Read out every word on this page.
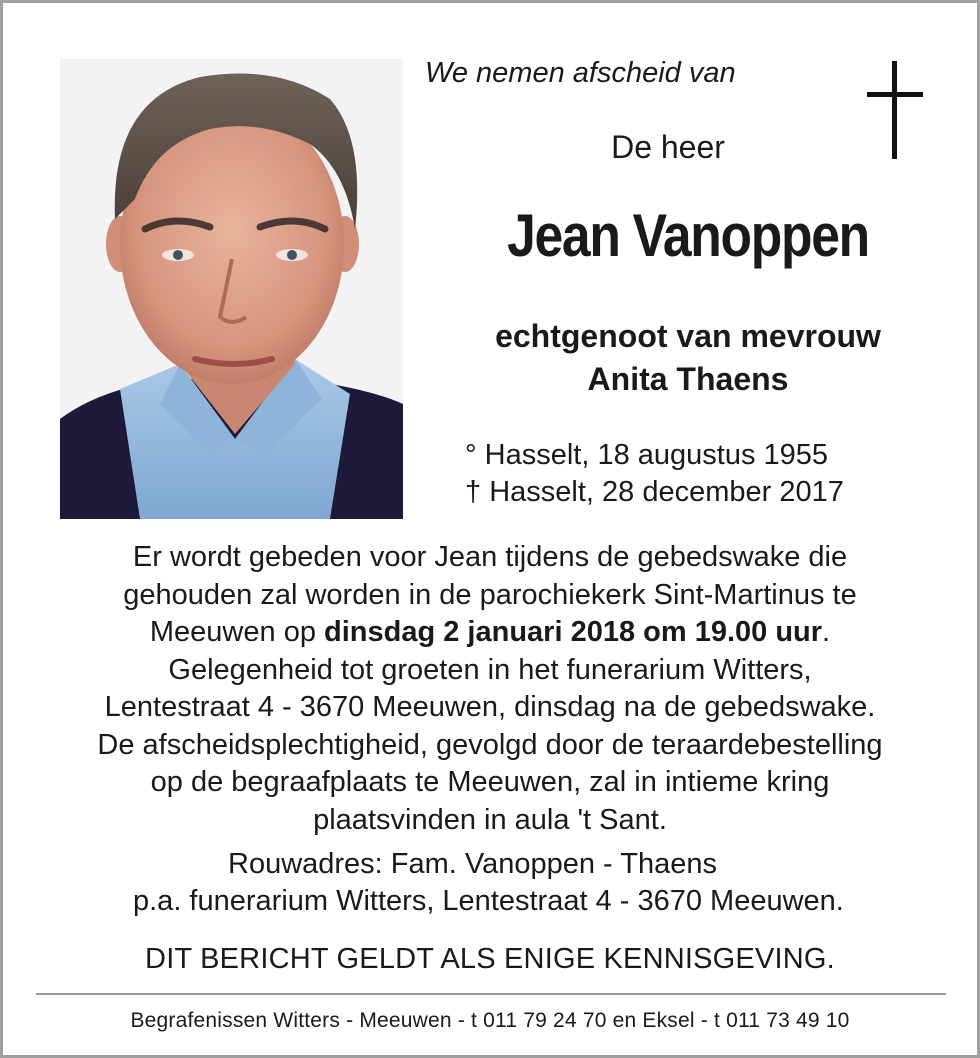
We nemen afscheid van
De heer
Jean Vanoppen
echtgenoot van mevrouw
Anita Thaens
° Hasselt, 18 augustus 1955
† Hasselt, 28 december 2017
Er wordt gebeden voor Jean tijdens de gebedswake die
gehouden zal worden in de parochiekerk Sint-Martinus te
Meeuwen op dinsdag 2 januari 2018 om 19.00 uur.
Gelegenheid tot groeten in het funerarium Witters,
Lentestraat 4 - 3670 Meeuwen, dinsdag na de gebedswake.
De afscheidsplechtigheid, gevolgd door de teraardebestelling
op de begraafplaats te Meeuwen, zal in intieme kring
plaatsvinden in aula 't Sant.
Rouwadres: Fam. Vanoppen - Thaens
p.a. funerarium Witters, Lentestraat 4 - 3670 Meeuwen.
DIT BERICHT GELDT ALS ENIGE KENNISGEVING.
Begrafenissen Witters - Meeuwen - t 011 79 24 70 en Eksel - t 011 73 49 10
